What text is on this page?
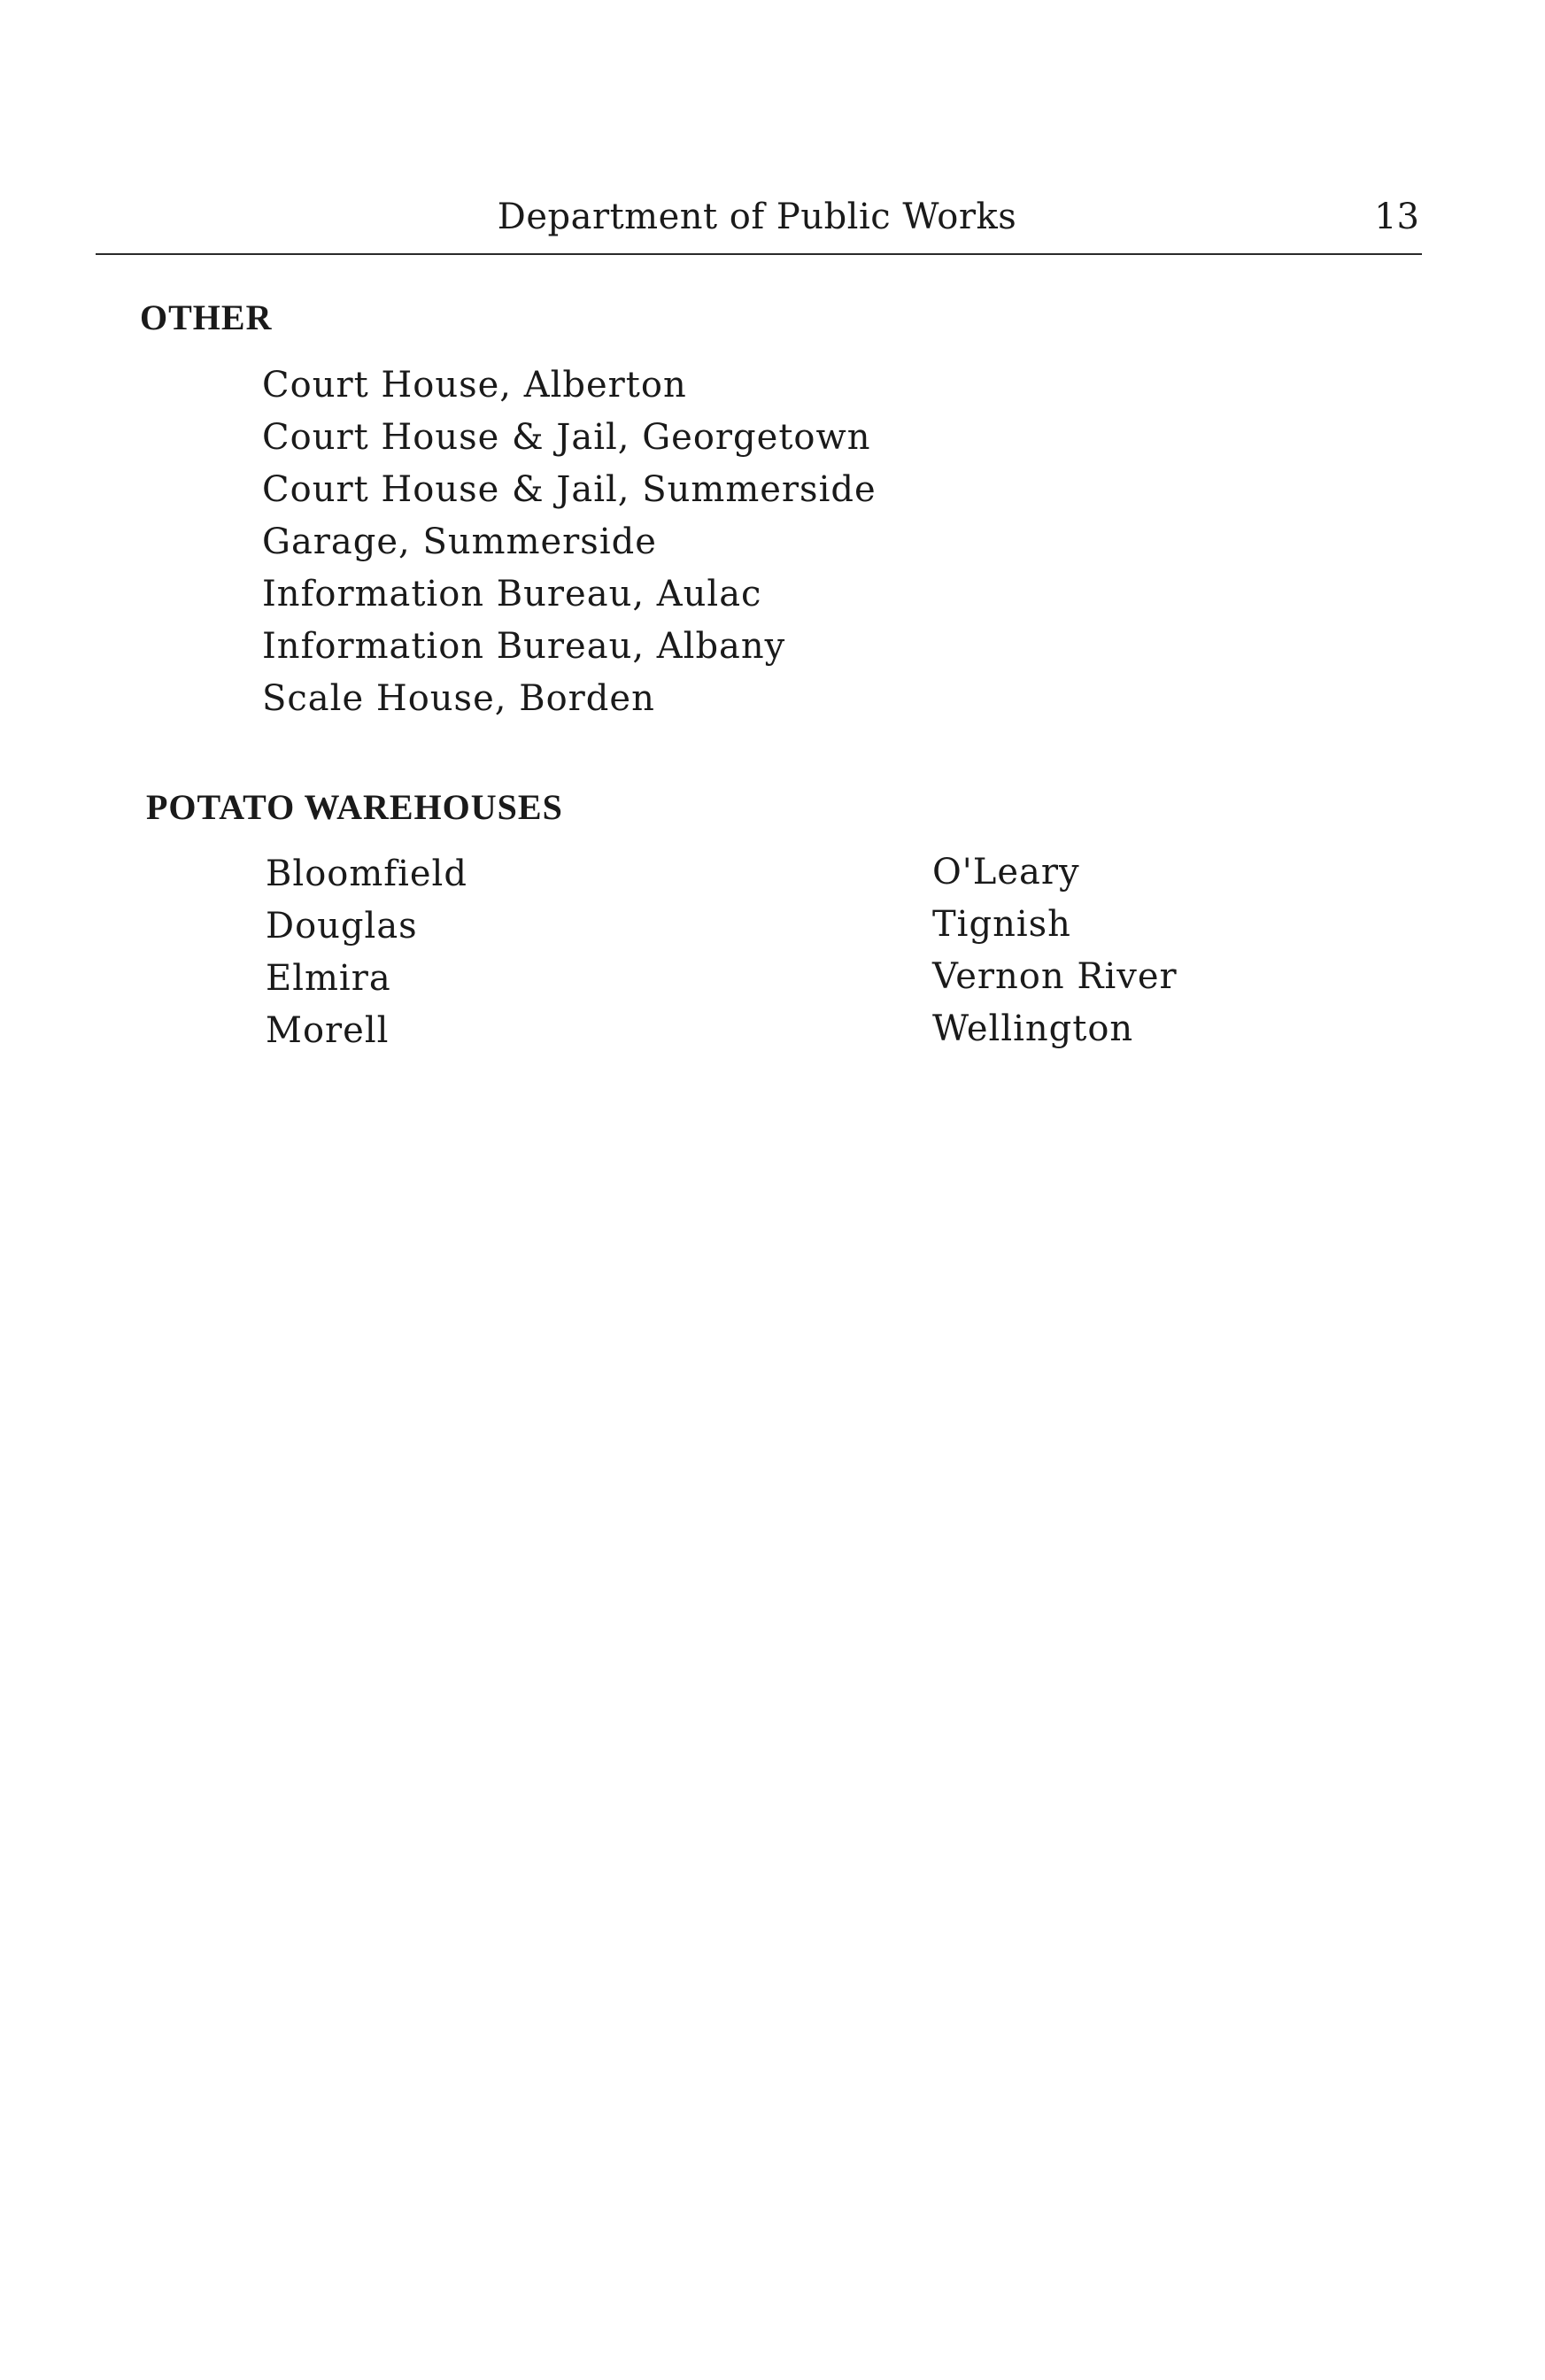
Department of Public Works	13
OTHER
Court House, Alberton
Court House & Jail, Georgetown
Court House & Jail, Summerside
Garage, Summerside
Information Bureau, Aulac
Information Bureau, Albany
Scale House, Borden
POTATO WAREHOUSES
Bloomfield
Douglas
Elmira
Morell
O'Leary
Tignish
Vernon River
Wellington
